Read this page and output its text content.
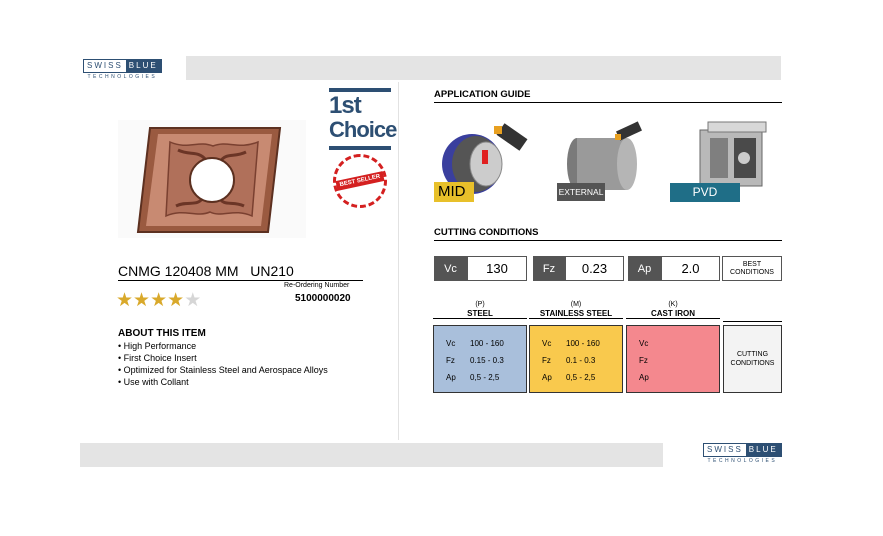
SWISS BLUE
TECHNOLOGIES
1st
Choice
BEST SELLER
CNMG 120408 MM   UN210
Re-Ordering Number
5100000020
★ ★ ★ ★ ★
ABOUT THIS ITEM
• High Performance
• First Choice Insert
• Optimized for Stainless Steel and Aerospace Alloys
• Use with Collant
APPLICATION GUIDE
MID	EXTERNAL	PVD
CUTTING CONDITIONS
Vc	130	Fz	0.23	Ap	2.0	BEST CONDITIONS
(P)
STEEL
(M)
STAINLESS STEEL
(K)
CAST IRON
Vc	100 - 160
Fz	0.15 - 0.3
Ap	0,5 - 2,5
Vc	100 - 160
Fz	0.1 - 0.3
Ap	0,5 - 2,5
Vc
Fz
Ap
CUTTING CONDITIONS
SWISS BLUE
TECHNOLOGIES
